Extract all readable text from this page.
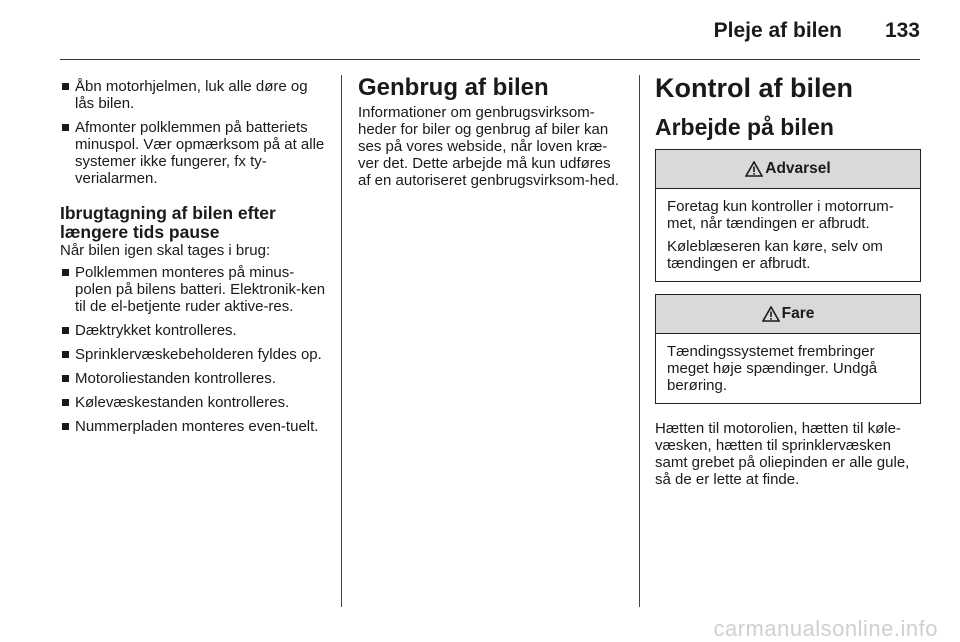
Pleje af bilen 133
Åbn motorhjelmen, luk alle døre og lås bilen.
Afmonter polklemmen på batteriets minuspol. Vær opmærksom på at alle systemer ikke fungerer, fx ty-verialarmen.
Ibrugtagning af bilen efter længere tids pause
Når bilen igen skal tages i brug:
Polklemmen monteres på minus-polen på bilens batteri. Elektronik-ken til de el-betjente ruder aktive-res.
Dæktrykket kontrolleres.
Sprinklervæskebeholderen fyldes op.
Motoroliestanden kontrolleres.
Kølevæskestanden kontrolleres.
Nummerpladen monteres even-tuelt.
Genbrug af bilen
Informationer om genbrugsvirksom-heder for biler og genbrug af biler kan ses på vores webside, når loven kræ-ver det. Dette arbejde må kun udføres af en autoriseret genbrugsvirksom-hed.
Kontrol af bilen
Arbejde på bilen
Advarsel

Foretag kun kontroller i motorrum-met, når tændingen er afbrudt.

Køleblæseren kan køre, selv om tændingen er afbrudt.

Fare

Tændingssystemet frembringer meget høje spændinger. Undgå berøring.

Hætten til motorolien, hætten til køle-væsken, hætten til sprinklervæsken samt grebet på oliepinden er alle gule, så de er lette at finde.
carmanualsonline.info
